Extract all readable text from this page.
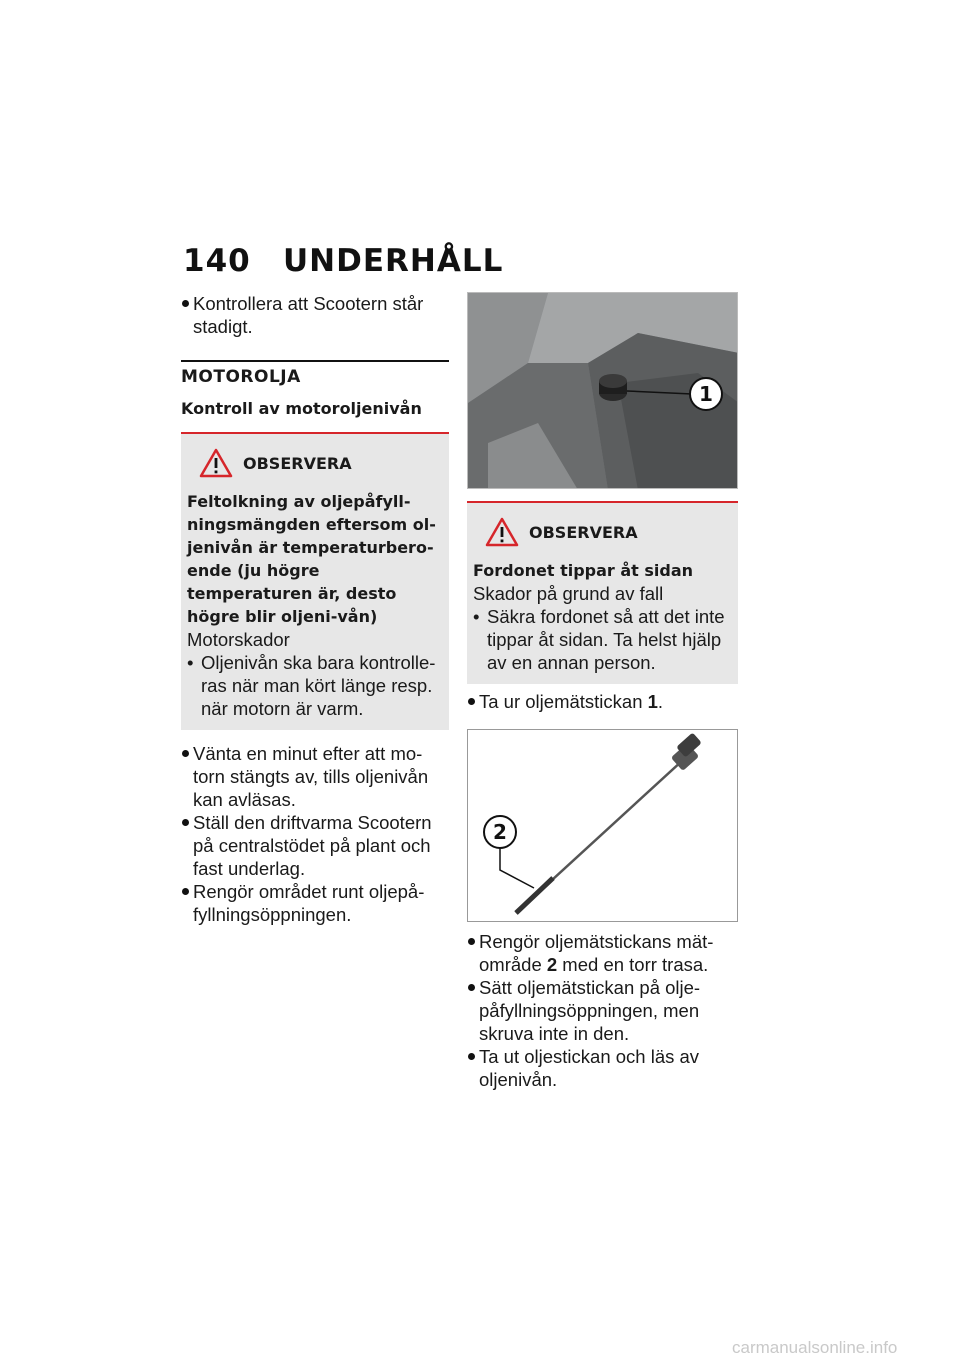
140 UNDERHÅLL

Kontrollera att Scootern står stadigt.

MOTOROLJA
Kontroll av motoroljenivån
OBSERVERA

Feltolkning av oljepåfyll-ningsmängden eftersom ol-jenivån är temperaturbero-ende (ju högre temperaturen är, desto högre blir oljeni-vån)

Motorskador

• Oljenivån ska bara kontrolle-ras när man kört länge resp. när motorn är varm.

Vänta en minut efter att mo-torn stängts av, tills oljenivån kan avläsas.

Ställ den driftvarma Scootern på centralstödet på plant och fast underlag.

Rengör området runt oljepå-fyllningsöppningen.

1
OBSERVERA

Fordonet tippar åt sidan

Skador på grund av fall

• Säkra fordonet så att det inte tippar åt sidan. Ta helst hjälp av en annan person.

Ta ur oljemätstickan 1.

2

Rengör oljemätstickans mät-område 2 med en torr trasa.

Sätt oljemätstickan på olje-påfyllningsöppningen, men skruva inte in den.

Ta ut oljestickan och läs av oljenivån.

carmanualsonline.info
